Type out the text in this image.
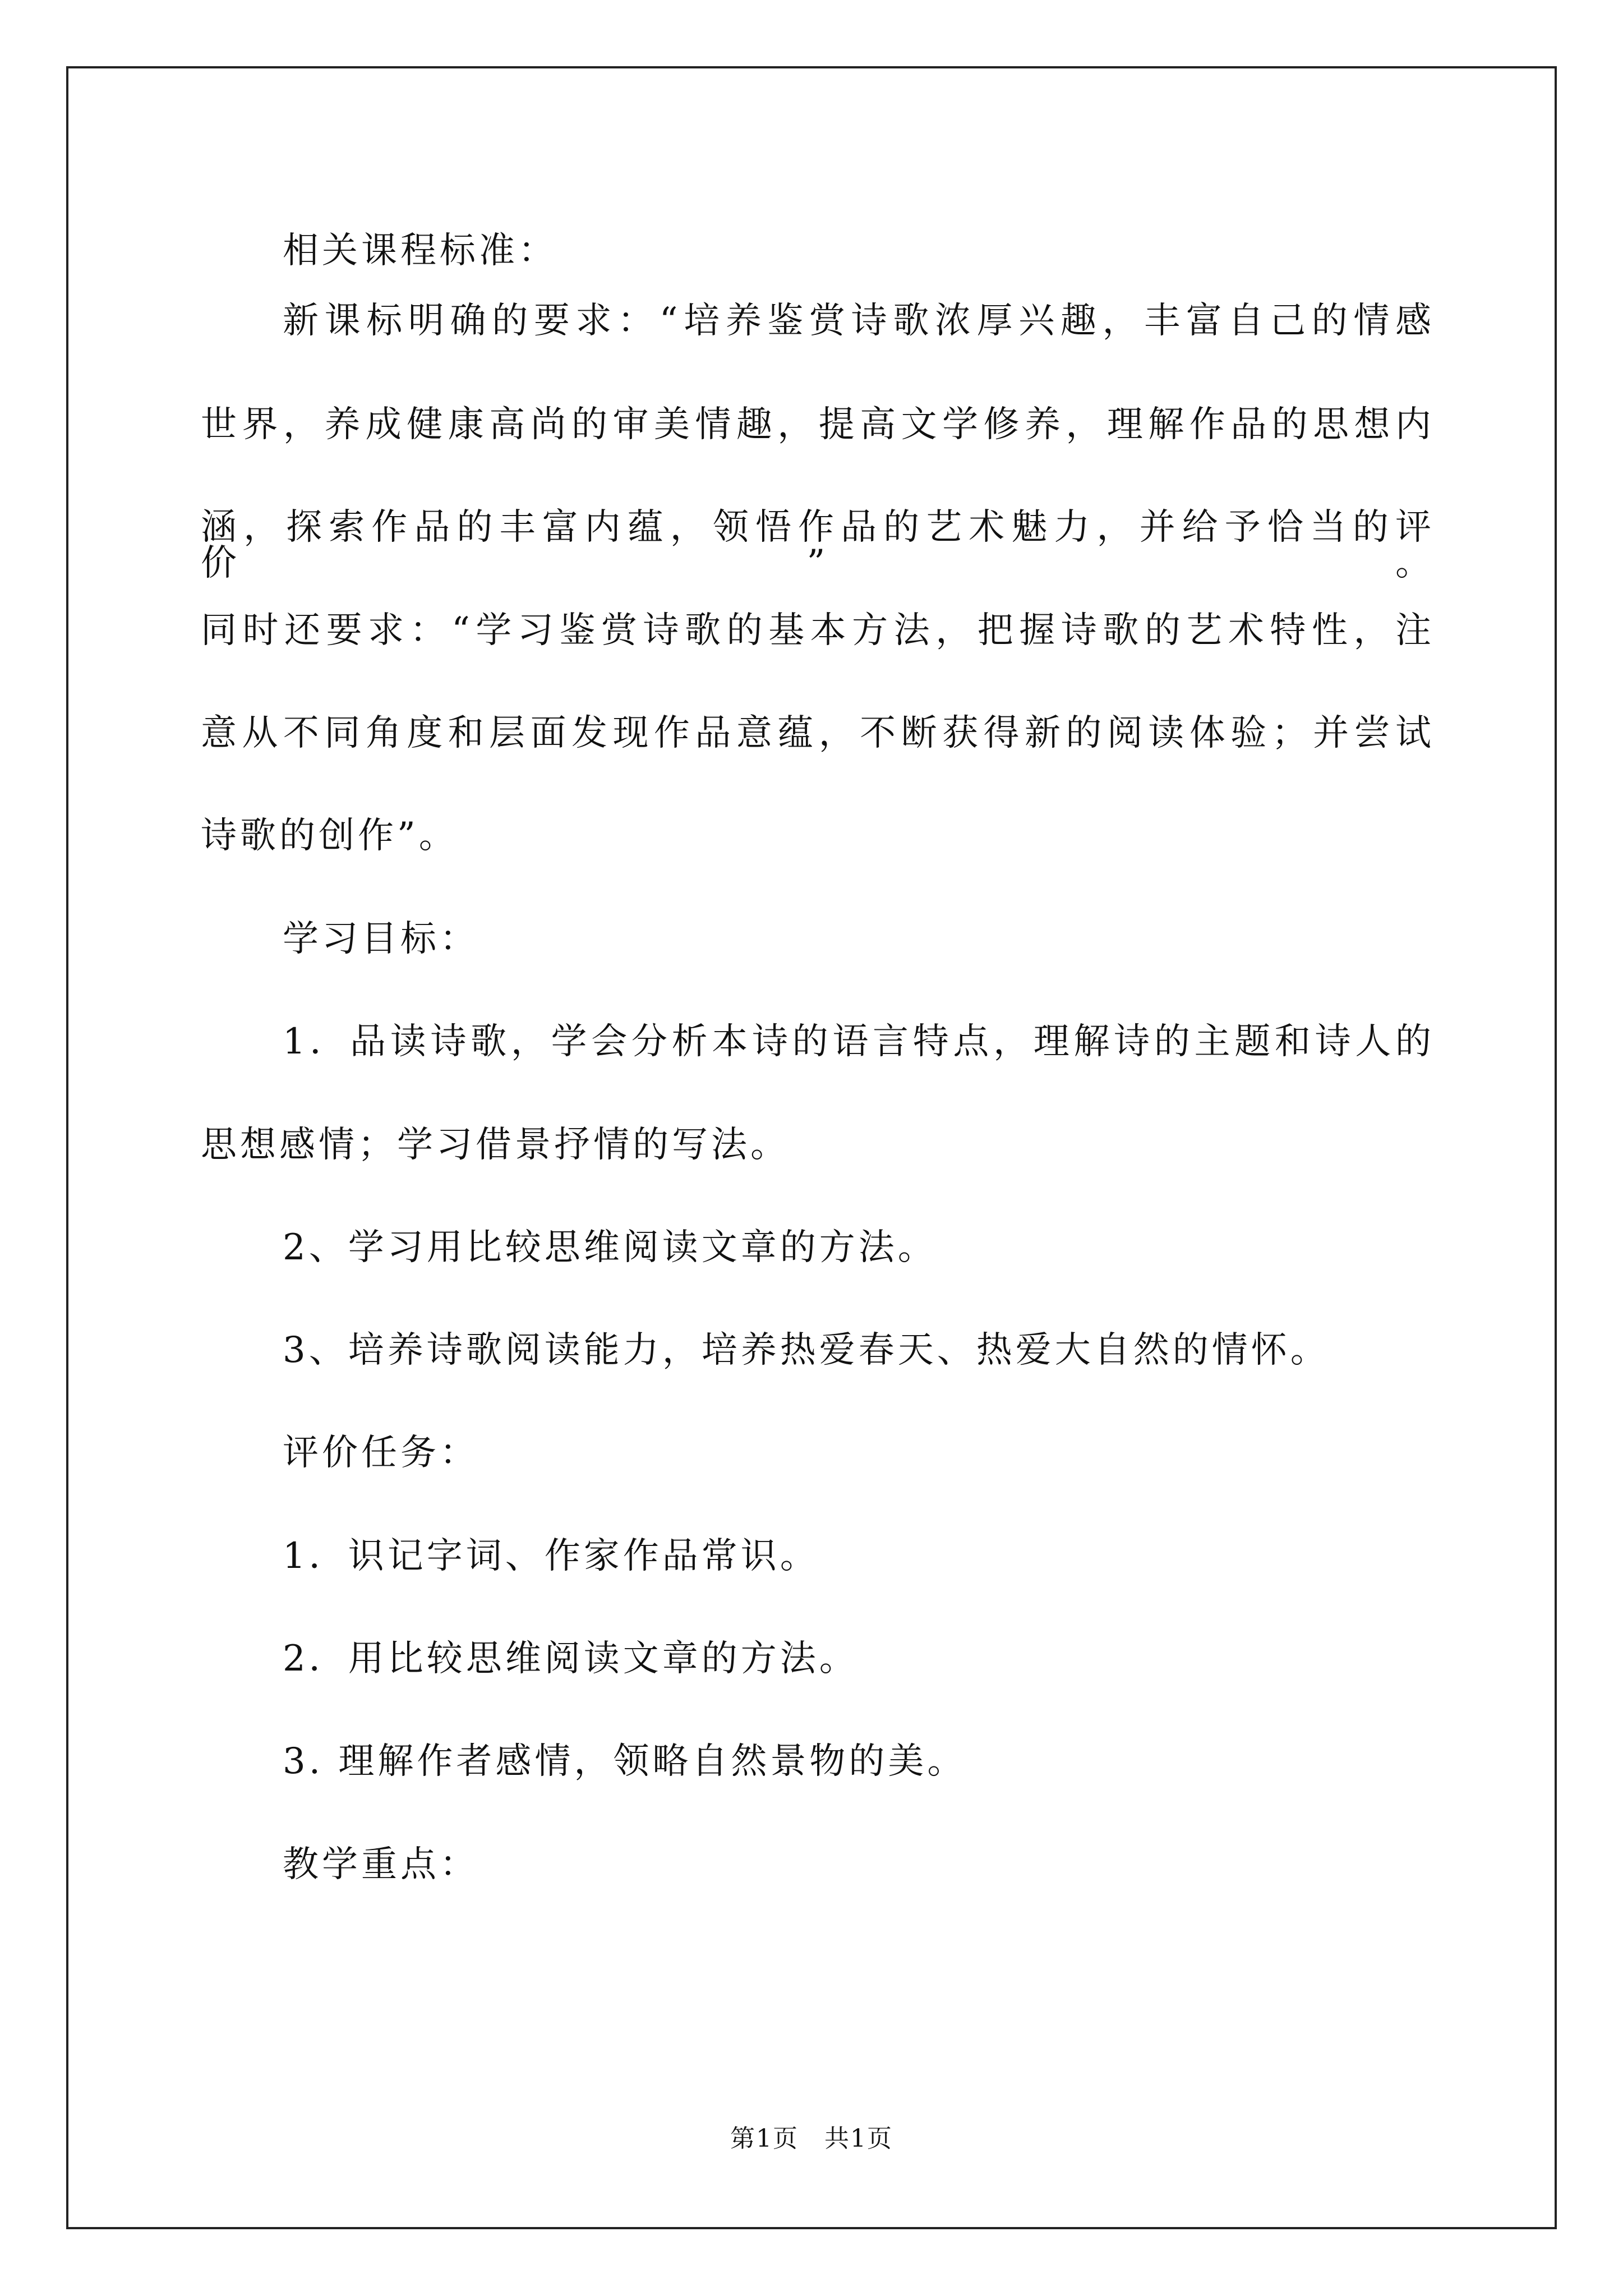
相关课程标准：
新课标明确的要求：“培养鉴赏诗歌浓厚兴趣，丰富自己的情感
世界，养成健康高尚的审美情趣，提高文学修养，理解作品的思想内
涵，探索作品的丰富内蕴，领悟作品的艺术魅力，并给予恰当的评价”。
同时还要求：“学习鉴赏诗歌的基本方法，把握诗歌的艺术特性，注
意从不同角度和层面发现作品意蕴，不断获得新的阅读体验；并尝试
诗歌的创作”。
学习目标：
1．品读诗歌，学会分析本诗的语言特点，理解诗的主题和诗人的
思想感情；学习借景抒情的写法。
2、学习用比较思维阅读文章的方法。
3、培养诗歌阅读能力，培养热爱春天、热爱大自然的情怀。
评价任务：
1．识记字词、作家作品常识。
2．用比较思维阅读文章的方法。
3. 理解作者感情，领略自然景物的美。
教学重点：
第1页　共1页
